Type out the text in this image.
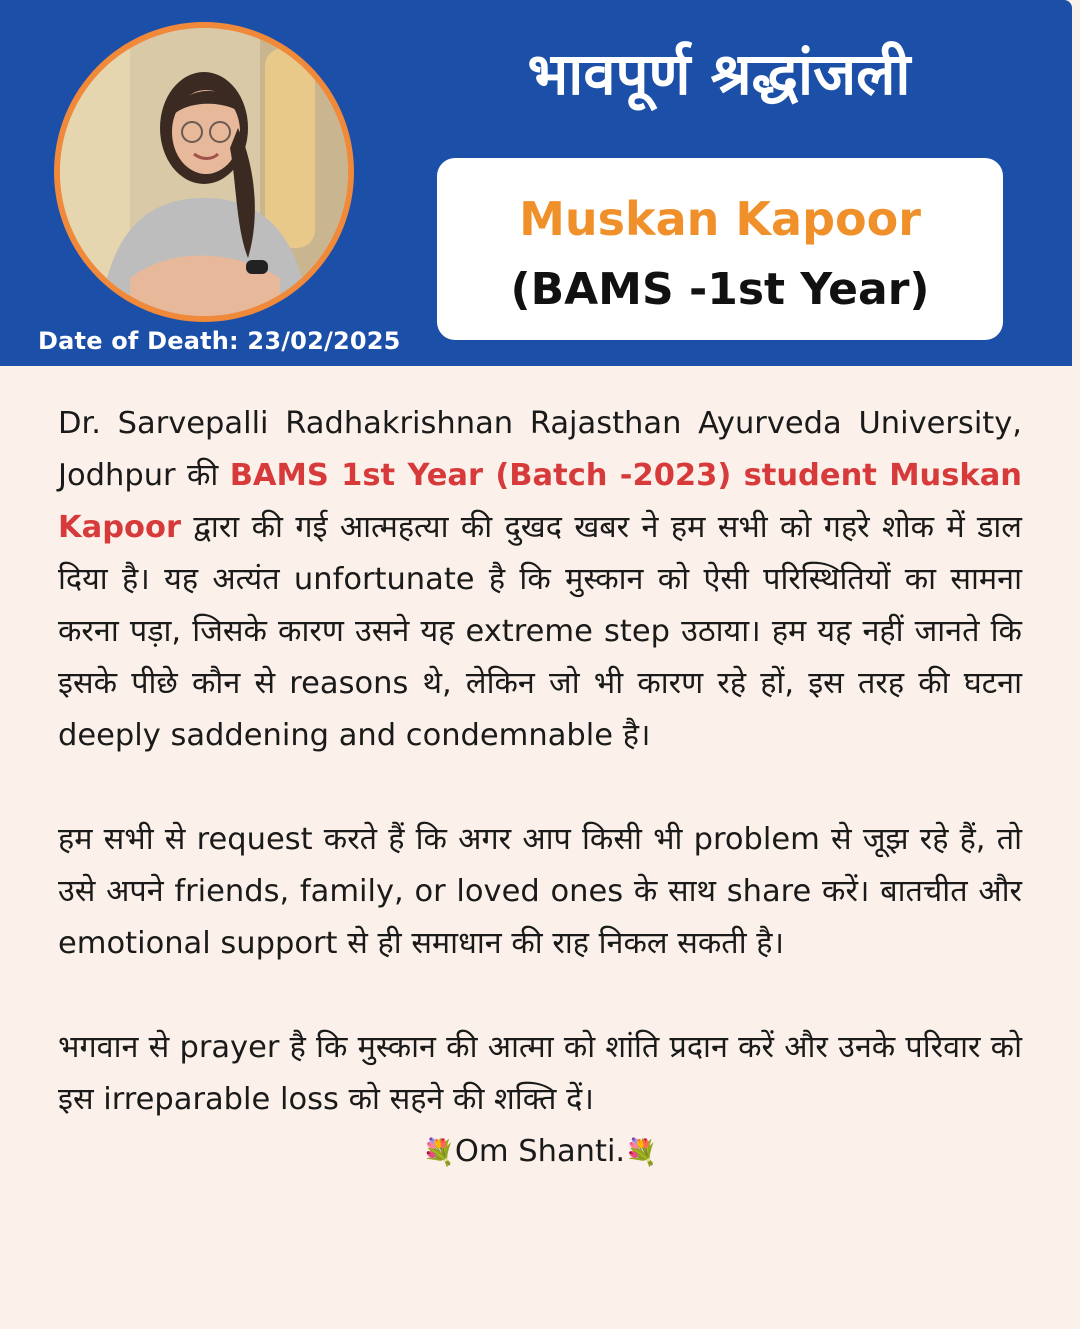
Date of Death: 23/02/2025
भावपूर्ण श्रद्धांजली
Muskan Kapoor
(BAMS -1st Year)

Dr. Sarvepalli Radhakrishnan Rajasthan Ayurveda University, Jodhpur की BAMS 1st Year (Batch -2023) student Muskan Kapoor द्वारा की गई आत्महत्या की दुखद खबर ने हम सभी को गहरे शोक में डाल दिया है। यह अत्यंत unfortunate है कि मुस्कान को ऐसी परिस्थितियों का सामना करना पड़ा, जिसके कारण उसने यह extreme step उठाया। हम यह नहीं जानते कि इसके पीछे कौन से reasons थे, लेकिन जो भी कारण रहे हों, इस तरह की घटना deeply saddening and condemnable है।

हम सभी से request करते हैं कि अगर आप किसी भी problem से जूझ रहे हैं, तो उसे अपने friends, family, or loved ones के साथ share करें। बातचीत और emotional support से ही समाधान की राह निकल सकती है।

भगवान से prayer है कि मुस्कान की आत्मा को शांति प्रदान करें और उनके परिवार को इस irreparable loss को सहने की शक्ति दें।

💐Om Shanti.💐
